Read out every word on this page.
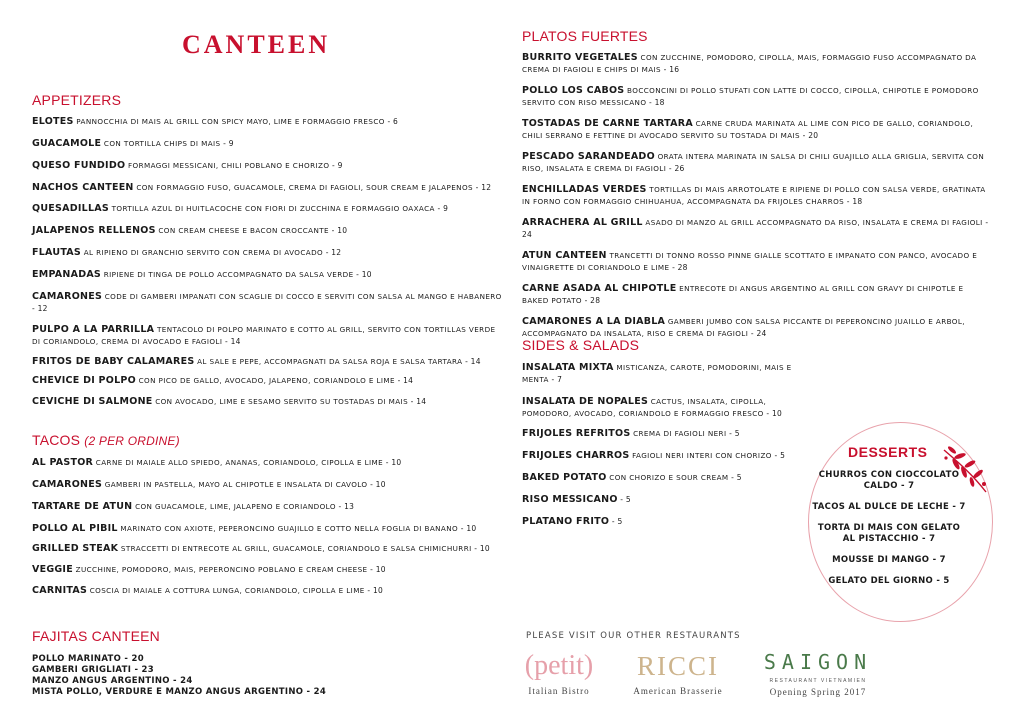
CANTEEN
APPETIZERS
ELOTES PANNOCCHIA DI MAIS AL GRILL CON SPICY MAYO, LIME E FORMAGGIO FRESCO - 6
GUACAMOLE CON TORTILLA CHIPS DI MAIS - 9
QUESO FUNDIDO FORMAGGI MESSICANI, CHILI POBLANO E CHORIZO - 9
NACHOS CANTEEN CON FORMAGGIO FUSO, GUACAMOLE, CREMA DI FAGIOLI, SOUR CREAM E JALAPENOS - 12
QUESADILLAS TORTILLA AZUL DI HUITLACOCHE CON FIORI DI ZUCCHINA E FORMAGGIO OAXACA - 9
JALAPENOS RELLENOS CON CREAM CHEESE E BACON CROCCANTE - 10
FLAUTAS AL RIPIENO DI GRANCHIO SERVITO CON CREMA DI AVOCADO - 12
EMPANADAS RIPIENE DI TINGA DE POLLO ACCOMPAGNATO DA SALSA VERDE - 10
CAMARONES CODE DI GAMBERI IMPANATI CON SCAGLIE DI COCCO E SERVITI CON SALSA AL MANGO E HABANERO - 12
PULPO A LA PARRILLA TENTACOLO DI POLPO MARINATO E COTTO AL GRILL, SERVITO CON TORTILLAS VERDE DI CORIANDOLO, CREMA DI AVOCADO E FAGIOLI - 14
FRITOS DE BABY CALAMARES AL SALE E PEPE, ACCOMPAGNATI DA SALSA ROJA E SALSA TARTARA - 14
CHEVICE DI POLPO CON PICO DE GALLO, AVOCADO, JALAPENO, CORIANDOLO E LIME - 14
CEVICHE DI SALMONE CON AVOCADO, LIME E SESAMO SERVITO SU TOSTADAS DI MAIS - 14
TACOS (2 PER ORDINE)
AL PASTOR CARNE DI MAIALE ALLO SPIEDO, ANANAS, CORIANDOLO, CIPOLLA E LIME - 10
CAMARONES GAMBERI IN PASTELLA, MAYO AL CHIPOTLE E INSALATA DI CAVOLO - 10
TARTARE DE ATUN CON GUACAMOLE, LIME, JALAPENO E CORIANDOLO - 13
POLLO AL PIBIL MARINATO CON AXIOTE, PEPERONCINO GUAJILLO E COTTO NELLA FOGLIA DI BANANO - 10
GRILLED STEAK STRACCETTI DI ENTRECOTE AL GRILL, GUACAMOLE, CORIANDOLO E SALSA CHIMICHURRI - 10
VEGGIE ZUCCHINE, POMODORO, MAIS, PEPERONCINO POBLANO E CREAM CHEESE - 10
CARNITAS COSCIA DI MAIALE A COTTURA LUNGA, CORIANDOLO, CIPOLLA E LIME - 10
FAJITAS CANTEEN
POLLO MARINATO - 20
GAMBERI GRIGLIATI - 23
MANZO ANGUS ARGENTINO - 24
MISTA POLLO, VERDURE E MANZO ANGUS ARGENTINO - 24
PLATOS FUERTES
BURRITO VEGETALES CON ZUCCHINE, POMODORO, CIPOLLA, MAIS, FORMAGGIO FUSO ACCOMPAGNATO DA CREMA DI FAGIOLI E CHIPS DI MAIS - 16
POLLO LOS CABOS BOCCONCINI DI POLLO STUFATI CON LATTE DI COCCO, CIPOLLA, CHIPOTLE E POMODORO SERVITO CON RISO MESSICANO - 18
TOSTADAS DE CARNE TARTARA CARNE CRUDA MARINATA AL LIME CON PICO DE GALLO, CORIANDOLO, CHILI SERRANO E FETTINE DI AVOCADO SERVITO SU TOSTADA DI MAIS - 20
PESCADO SARANDEADO ORATA INTERA MARINATA IN SALSA DI CHILI GUAJILLO ALLA GRIGLIA, SERVITA CON RISO, INSALATA E CREMA DI FAGIOLI - 26
ENCHILLADAS VERDES TORTILLAS DI MAIS ARROTOLATE E RIPIENE DI POLLO CON SALSA VERDE, GRATINATA IN FORNO CON FORMAGGIO CHIHUAHUA, ACCOMPAGNATA DA FRIJOLES CHARROS - 18
ARRACHERA AL GRILL ASADO DI MANZO AL GRILL ACCOMPAGNATO DA RISO, INSALATA E CREMA DI FAGIOLI - 24
ATUN CANTEEN TRANCETTI DI TONNO ROSSO PINNE GIALLE SCOTTATO E IMPANATO CON PANCO, AVOCADO E VINAIGRETTE DI CORIANDOLO E LIME - 28
CARNE ASADA AL CHIPOTLE ENTRECOTE DI ANGUS ARGENTINO AL GRILL CON GRAVY DI CHIPOTLE E BAKED POTATO - 28
CAMARONES A LA DIABLA GAMBERI JUMBO CON SALSA PICCANTE DI PEPERONCINO JUAILLO E ARBOL, ACCOMPAGNATO DA INSALATA, RISO E CREMA DI FAGIOLI - 24
SIDES & SALADS
INSALATA MIXTA MISTICANZA, CAROTE, POMODORINI, MAIS E MENTA - 7
INSALATA DE NOPALES CACTUS, INSALATA, CIPOLLA, POMODORO, AVOCADO, CORIANDOLO E FORMAGGIO FRESCO - 10
FRIJOLES REFRITOS CREMA DI FAGIOLI NERI - 5
FRIJOLES CHARROS FAGIOLI NERI INTERI CON CHORIZO - 5
BAKED POTATO CON CHORIZO E SOUR CREAM - 5
RISO MESSICANO - 5
PLATANO FRITO - 5
DESSERTS
CHURROS CON CIOCCOLATO CALDO - 7
TACOS AL DULCE DE LECHE - 7
TORTA DI MAIS CON GELATO AL PISTACCHIO - 7
MOUSSE DI MANGO - 7
GELATO DEL GIORNO - 5
PLEASE VISIT OUR OTHER RESTAURANTS
(petit)
Italian Bistro
RICCI
American Brasserie
SAIGON
RESTAURANT VIETNAMIEN
Opening Spring 2017
